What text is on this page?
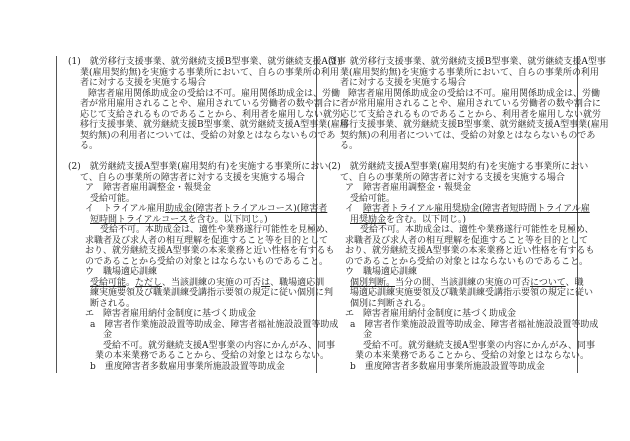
(1)　就労移行支援事業、就労継続支援B型事業、就労継続支援A型事
業(雇用契約無)を実施する事業所において、自らの事業所の利用
者に対する支援を実施する場合
障害者雇用関係助成金の受給は不可。雇用関係助成金は、労働
者が常用雇用されることや、雇用されている労働者の数や割合に
応じて支給されるものであることから、利用者を雇用しない就労
移行支援事業、就労継続支援B型事業、就労継続支援A型事業(雇用
契約無)の利用者については、受給の対象とはならないものであ
る。
(2)　就労継続支援A型事業(雇用契約有)を実施する事業所におい
て、自らの事業所の障害者に対する支援を実施する場合
ア　障害者雇用調整金・報奨金
受給可能。
イ　トライアル雇用助成金(障害者トライアルコース)(障害者
短時間トライアルコースを含む。以下同じ。)
受給不可。本助成金は、適性や業務遂行可能性を見極め、
求職者及び求人者の相互理解を促進すること等を目的として
おり、就労継続支援A型事業の本来業務と近い性格を有するも
のであることから受給の対象とはならないものであること。
ウ　職場適応訓練
受給可能。ただし、当該訓練の実施の可否は、職場適応訓
練実施要領及び職業訓練受講指示要領の規定に従い個別に判
断される。
エ　障害者雇用納付金制度に基づく助成金
a　障害者作業施設設置等助成金、障害者福祉施設設置等助成
金
受給不可。就労継続支援A型事業の内容にかんがみ、同事
業の本来業務であることから、受給の対象とはならない。
b　重度障害者多数雇用事業所施設設置等助成金
(1)　就労移行支援事業、就労継続支援B型事業、就労継続支援A型事
業(雇用契約無)を実施する事業所において、自らの事業所の利用
者に対する支援を実施する場合
障害者雇用関係助成金の受給は不可。雇用関係助成金は、労働
者が常用雇用されることや、雇用されている労働者の数や割合に
応じて支給されるものであることから、利用者を雇用しない就労
移行支援事業、就労継続支援B型事業、就労継続支援A型事業(雇用
契約無)の利用者については、受給の対象とはならないものであ
る。
(2)　就労継続支援A型事業(雇用契約有)を実施する事業所におい
て、自らの事業所の障害者に対する支援を実施する場合
ア　障害者雇用調整金・報奨金
受給可能。
イ　障害者トライアル雇用奨励金(障害者短時間トライアル雇
用奨励金を含む。以下同じ。)
受給不可。本助成金は、適性や業務遂行可能性を見極め、
求職者及び求人者の相互理解を促進すること等を目的として
おり、就労継続支援A型事業の本来業務と近い性格を有するも
のであることから受給の対象とはならないものであること。
ウ　職場適応訓練
個別判断。当分の間、当該訓練の実施の可否について、職
場適応訓練実施要領及び職業訓練受講指示要領の規定に従い
個別に判断される。
エ　障害者雇用納付金制度に基づく助成金
a　障害者作業施設設置等助成金、障害者福祉施設設置等助成
金
受給不可。就労継続支援A型事業の内容にかんがみ、同事
業の本来業務であることから、受給の対象とはならない。
b　重度障害者多数雇用事業所施設設置等助成金
